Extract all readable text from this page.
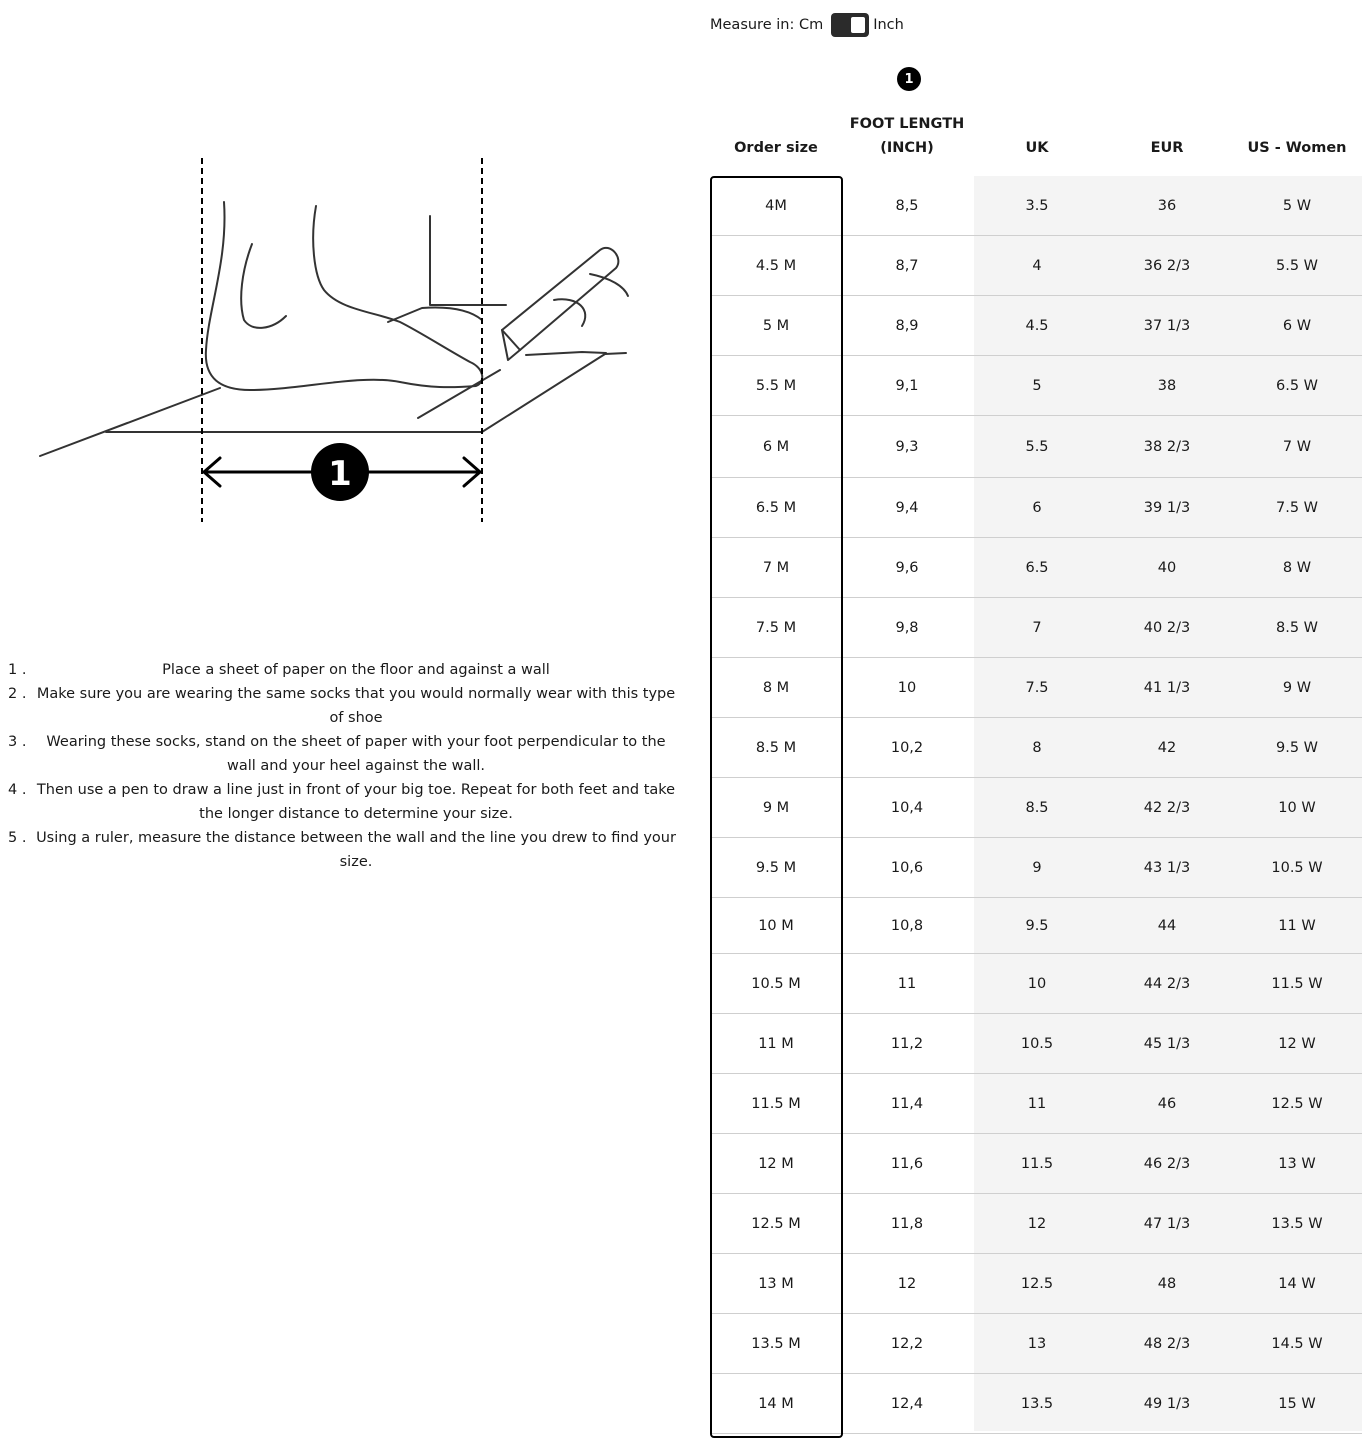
1
1 .	Place a sheet of paper on the floor and against a wall
2 . Make sure you are wearing the same socks that you would normally wear with this type of shoe
3 .	Wearing these socks, stand on the sheet of paper with your foot perpendicular to the wall and your heel against the wall.
4 . Then use a pen to draw a line just in front of your big toe. Repeat for both feet and take the longer distance to determine your size.
5 . Using a ruler, measure the distance between the wall and the line you drew to find your size.
Measure in: Cm	Inch
1
Order size
FOOT LENGTH
(INCH)	UK	EUR	US - Women
4M	8,5	3.5	36	5 W
4.5 M	8,7	4	36 2/3	5.5 W
5 M	8,9	4.5	37 1/3	6 W
5.5 M	9,1	5	38	6.5 W
6 M	9,3	5.5	38 2/3	7 W
6.5 M	9,4	6	39 1/3	7.5 W
7 M	9,6	6.5	40	8 W
7.5 M	9,8	7	40 2/3	8.5 W
8 M	10	7.5	41 1/3	9 W
8.5 M	10,2	8	42	9.5 W
9 M	10,4	8.5	42 2/3	10 W
9.5 M	10,6	9	43 1/3	10.5 W
10 M	10,8	9.5	44	11 W
10.5 M	11	10	44 2/3	11.5 W
11 M	11,2	10.5	45 1/3	12 W
11.5 M	11,4	11	46	12.5 W
12 M	11,6	11.5	46 2/3	13 W
12.5 M	11,8	12	47 1/3	13.5 W
13 M	12	12.5	48	14 W
13.5 M	12,2	13	48 2/3	14.5 W
14 M	12,4	13.5	49 1/3	15 W
